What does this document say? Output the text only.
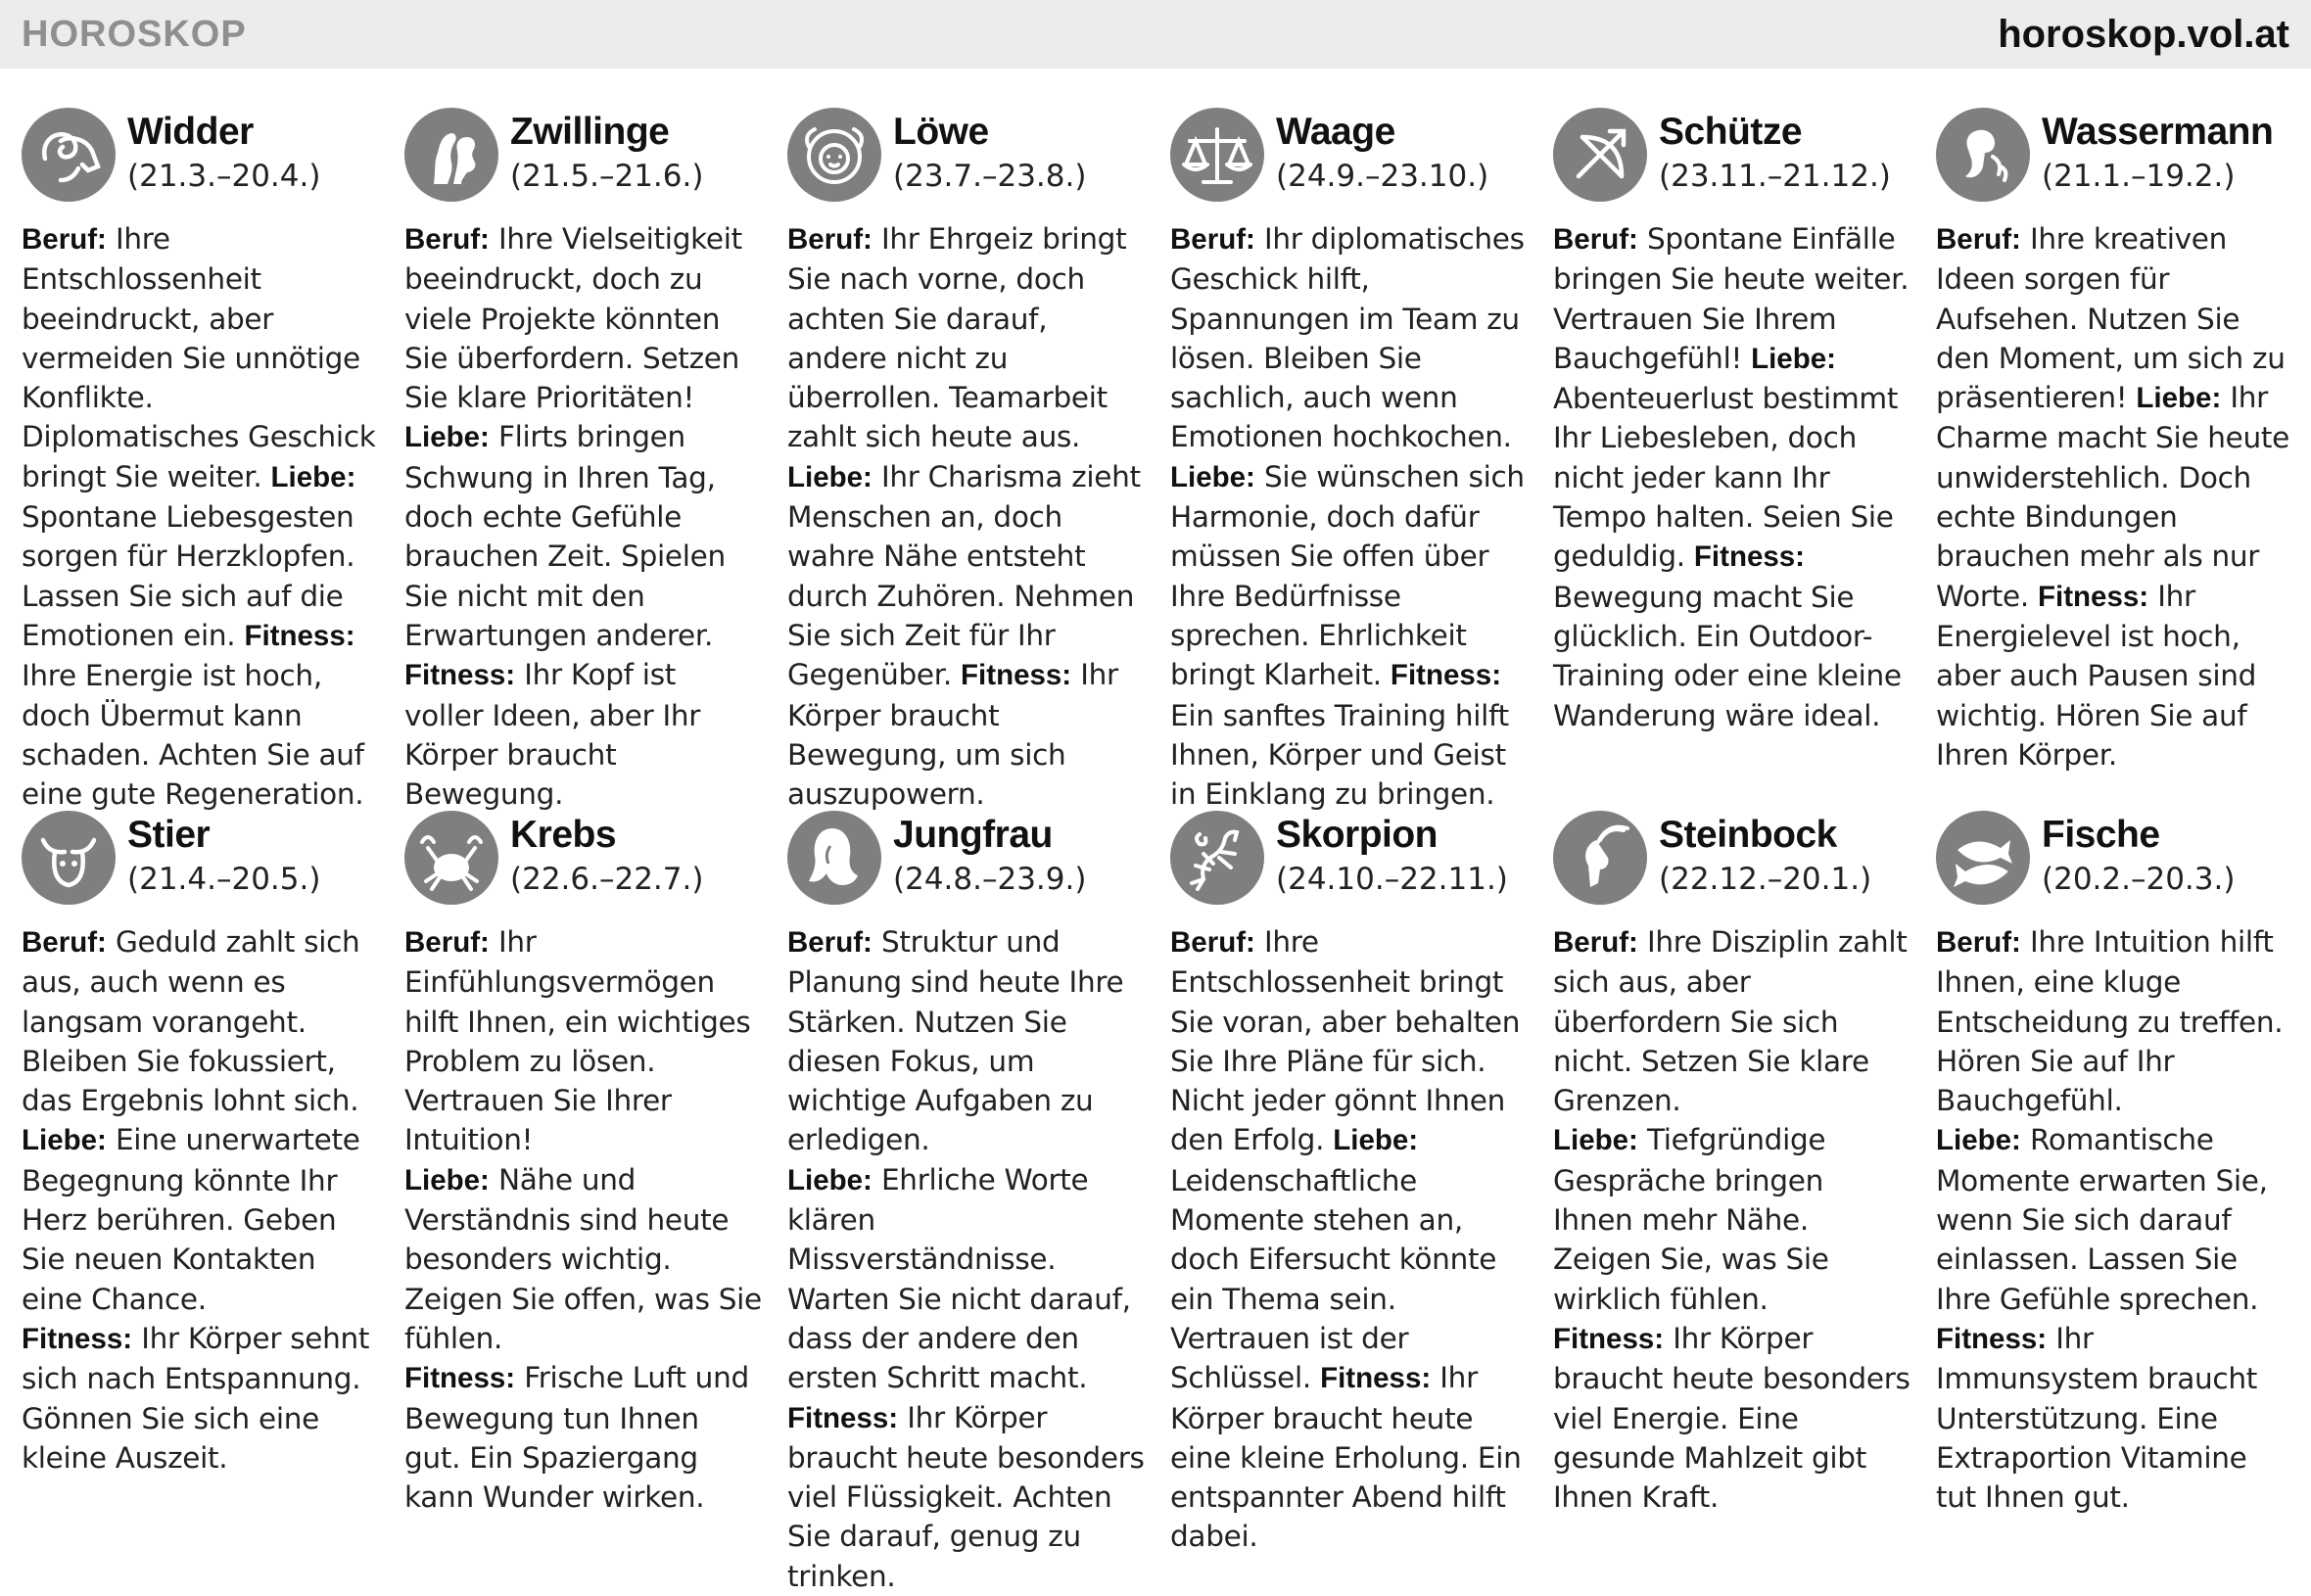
HOROSKOP	horoskop.vol.at
Widder
(21.3.–20.4.)
Beruf: Ihre Entschlossenheit beeindruckt, aber vermeiden Sie unnötige Konflikte. Diplomatisches Geschick bringt Sie weiter. Liebe: Spontane Liebesgesten sorgen für Herzklopfen. Lassen Sie sich auf die Emotionen ein. Fitness: Ihre Energie ist hoch, doch Übermut kann schaden. Achten Sie auf eine gute Regeneration.
Zwillinge
(21.5.–21.6.)
Beruf: Ihre Vielseitigkeit beeindruckt, doch zu viele Projekte könnten Sie überfordern. Setzen Sie klare Prioritäten! Liebe: Flirts bringen Schwung in Ihren Tag, doch echte Gefühle brauchen Zeit. Spielen Sie nicht mit den Erwartungen anderer. Fitness: Ihr Kopf ist voller Ideen, aber Ihr Körper braucht Bewegung.
Löwe
(23.7.–23.8.)
Beruf: Ihr Ehrgeiz bringt Sie nach vorne, doch achten Sie darauf, andere nicht zu überrollen. Teamarbeit zahlt sich heute aus. Liebe: Ihr Charisma zieht Menschen an, doch wahre Nähe entsteht durch Zuhören. Nehmen Sie sich Zeit für Ihr Gegenüber. Fitness: Ihr Körper braucht Bewegung, um sich auszupowern.
Waage
(24.9.–23.10.)
Beruf: Ihr diplomatisches Geschick hilft, Spannungen im Team zu lösen. Bleiben Sie sachlich, auch wenn Emotionen hochkochen. Liebe: Sie wünschen sich Harmonie, doch dafür müssen Sie offen über Ihre Bedürfnisse sprechen. Ehrlichkeit bringt Klarheit. Fitness: Ein sanftes Training hilft Ihnen, Körper und Geist in Einklang zu bringen.
Schütze
(23.11.–21.12.)
Beruf: Spontane Einfälle bringen Sie heute weiter. Vertrauen Sie Ihrem Bauchgefühl! Liebe: Abenteuerlust bestimmt Ihr Liebesleben, doch nicht jeder kann Ihr Tempo halten. Seien Sie geduldig. Fitness: Bewegung macht Sie glücklich. Ein Outdoor-Training oder eine kleine Wanderung wäre ideal.
Wassermann
(21.1.–19.2.)
Beruf: Ihre kreativen Ideen sorgen für Aufsehen. Nutzen Sie den Moment, um sich zu präsentieren! Liebe: Ihr Charme macht Sie heute unwiderstehlich. Doch echte Bindungen brauchen mehr als nur Worte. Fitness: Ihr Energielevel ist hoch, aber auch Pausen sind wichtig. Hören Sie auf Ihren Körper.
Stier
(21.4.–20.5.)
Beruf: Geduld zahlt sich aus, auch wenn es langsam vorangeht. Bleiben Sie fokussiert, das Ergebnis lohnt sich.
Liebe: Eine unerwartete Begegnung könnte Ihr Herz berühren. Geben Sie neuen Kontakten eine Chance.
Fitness: Ihr Körper sehnt sich nach Entspannung. Gönnen Sie sich eine kleine Auszeit.
Krebs
(22.6.–22.7.)
Beruf: Ihr Einfühlungsvermögen hilft Ihnen, ein wichtiges Problem zu lösen. Vertrauen Sie Ihrer Intuition!
Liebe: Nähe und Verständnis sind heute besonders wichtig. Zeigen Sie offen, was Sie fühlen.
Fitness: Frische Luft und Bewegung tun Ihnen gut. Ein Spaziergang kann Wunder wirken.
Jungfrau
(24.8.–23.9.)
Beruf: Struktur und Planung sind heute Ihre Stärken. Nutzen Sie diesen Fokus, um wichtige Aufgaben zu erledigen.
Liebe: Ehrliche Worte klären Missverständnisse. Warten Sie nicht darauf, dass der andere den ersten Schritt macht.
Fitness: Ihr Körper braucht heute besonders viel Flüssigkeit. Achten Sie darauf, genug zu trinken.
Skorpion
(24.10.–22.11.)
Beruf: Ihre Entschlossenheit bringt Sie voran, aber behalten Sie Ihre Pläne für sich. Nicht jeder gönnt Ihnen den Erfolg. Liebe: Leidenschaftliche Momente stehen an, doch Eifersucht könnte ein Thema sein. Vertrauen ist der Schlüssel. Fitness: Ihr Körper braucht heute eine kleine Erholung. Ein entspannter Abend hilft dabei.
Steinbock
(22.12.–20.1.)
Beruf: Ihre Disziplin zahlt sich aus, aber überfordern Sie sich nicht. Setzen Sie klare Grenzen.
Liebe: Tiefgründige Gespräche bringen Ihnen mehr Nähe. Zeigen Sie, was Sie wirklich fühlen.
Fitness: Ihr Körper braucht heute besonders viel Energie. Eine gesunde Mahlzeit gibt Ihnen Kraft.
Fische
(20.2.–20.3.)
Beruf: Ihre Intuition hilft Ihnen, eine kluge Entscheidung zu treffen. Hören Sie auf Ihr Bauchgefühl.
Liebe: Romantische Momente erwarten Sie, wenn Sie sich darauf einlassen. Lassen Sie Ihre Gefühle sprechen.
Fitness: Ihr Immunsystem braucht Unterstützung. Eine Extraportion Vitamine tut Ihnen gut.
